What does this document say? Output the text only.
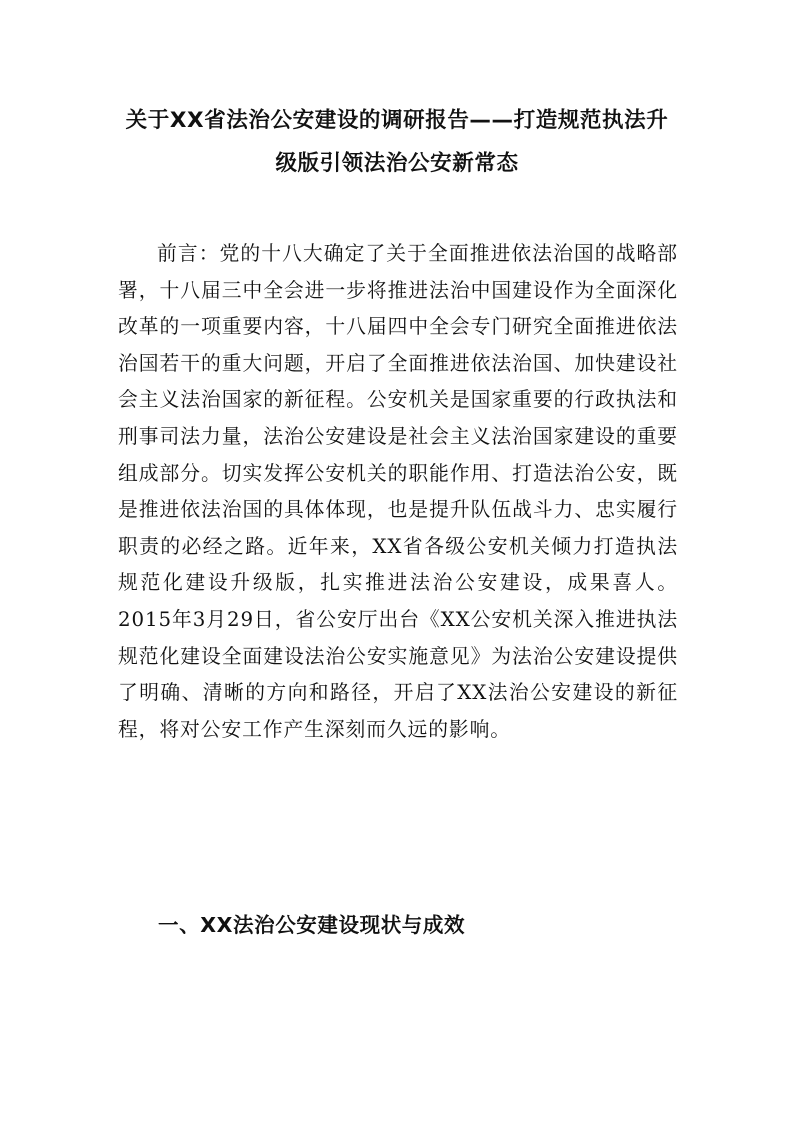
关于XX省法治公安建设的调研报告——打造规范执法升
级版引领法治公安新常态

前言：党的十八大确定了关于全面推进依法治国的战略部署，十八届三中全会进一步将推进法治中国建设作为全面深化改革的一项重要内容，十八届四中全会专门研究全面推进依法治国若干的重大问题，开启了全面推进依法治国、加快建设社会主义法治国家的新征程。公安机关是国家重要的行政执法和刑事司法力量，法治公安建设是社会主义法治国家建设的重要组成部分。切实发挥公安机关的职能作用、打造法治公安，既是推进依法治国的具体体现，也是提升队伍战斗力、忠实履行职责的必经之路。近年来，XX省各级公安机关倾力打造执法规范化建设升级版，扎实推进法治公安建设，成果喜人。2015年3月29日，省公安厅出台《XX公安机关深入推进执法规范化建设全面建设法治公安实施意见》为法治公安建设提供了明确、清晰的方向和路径，开启了XX法治公安建设的新征程，将对公安工作产生深刻而久远的影响。

一、XX法治公安建设现状与成效
